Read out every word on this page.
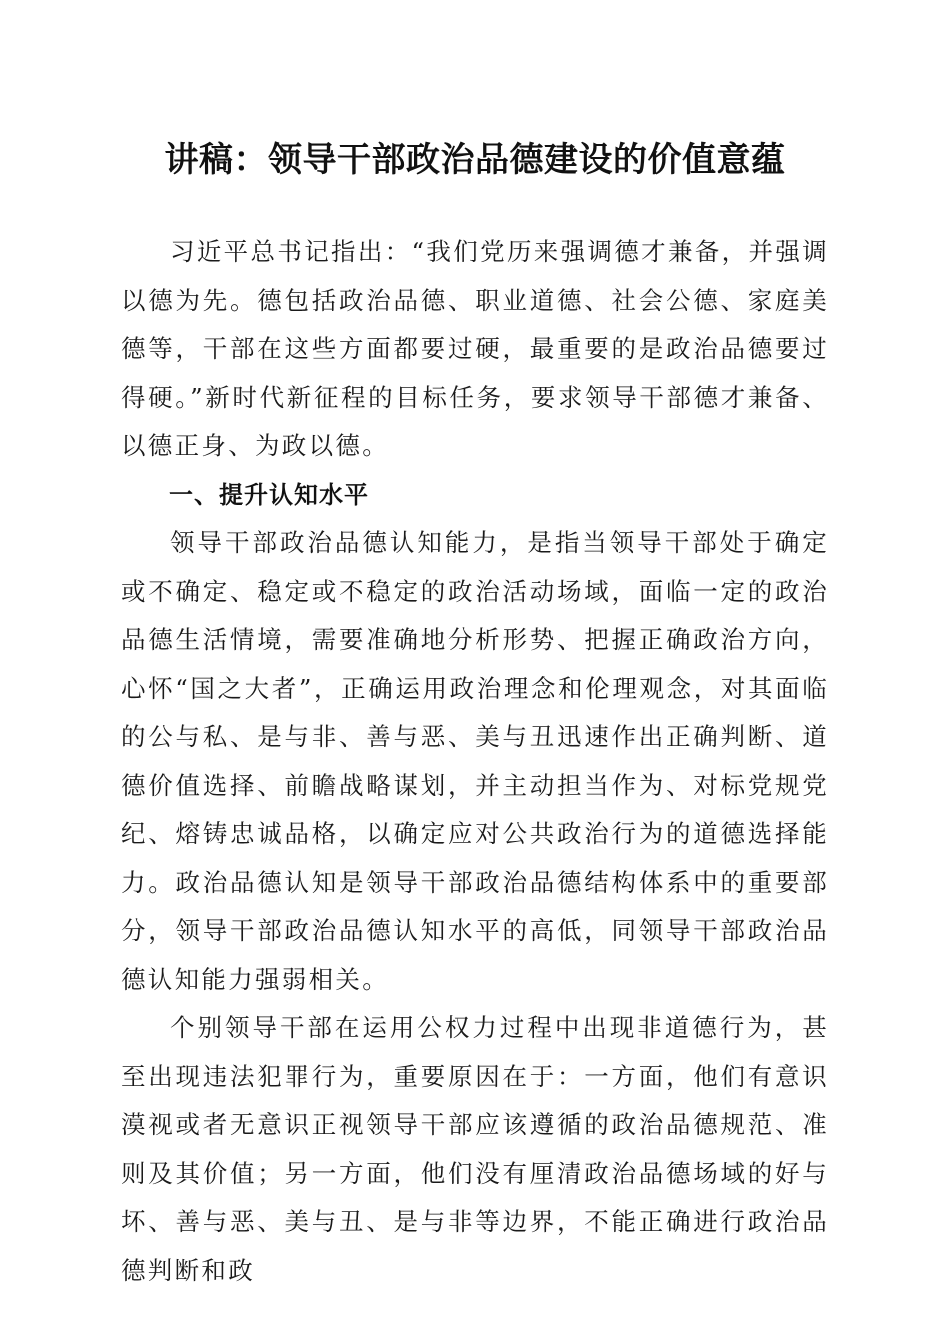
讲稿：领导干部政治品德建设的价值意蕴

习近平总书记指出：“我们党历来强调德才兼备，并强调以德为先。德包括政治品德、职业道德、社会公德、家庭美德等，干部在这些方面都要过硬，最重要的是政治品德要过得硬。”新时代新征程的目标任务，要求领导干部德才兼备、以德正身、为政以德。

一、提升认知水平

领导干部政治品德认知能力，是指当领导干部处于确定或不确定、稳定或不稳定的政治活动场域，面临一定的政治品德生活情境，需要准确地分析形势、把握正确政治方向，心怀“国之大者”，正确运用政治理念和伦理观念，对其面临的公与私、是与非、善与恶、美与丑迅速作出正确判断、道德价值选择、前瞻战略谋划，并主动担当作为、对标党规党纪、熔铸忠诚品格，以确定应对公共政治行为的道德选择能力。政治品德认知是领导干部政治品德结构体系中的重要部分，领导干部政治品德认知水平的高低，同领导干部政治品德认知能力强弱相关。

个别领导干部在运用公权力过程中出现非道德行为，甚至出现违法犯罪行为，重要原因在于：一方面，他们有意识漠视或者无意识正视领导干部应该遵循的政治品德规范、准则及其价值；另一方面，他们没有厘清政治品德场域的好与坏、善与恶、美与丑、是与非等边界，不能正确进行政治品德判断和政
